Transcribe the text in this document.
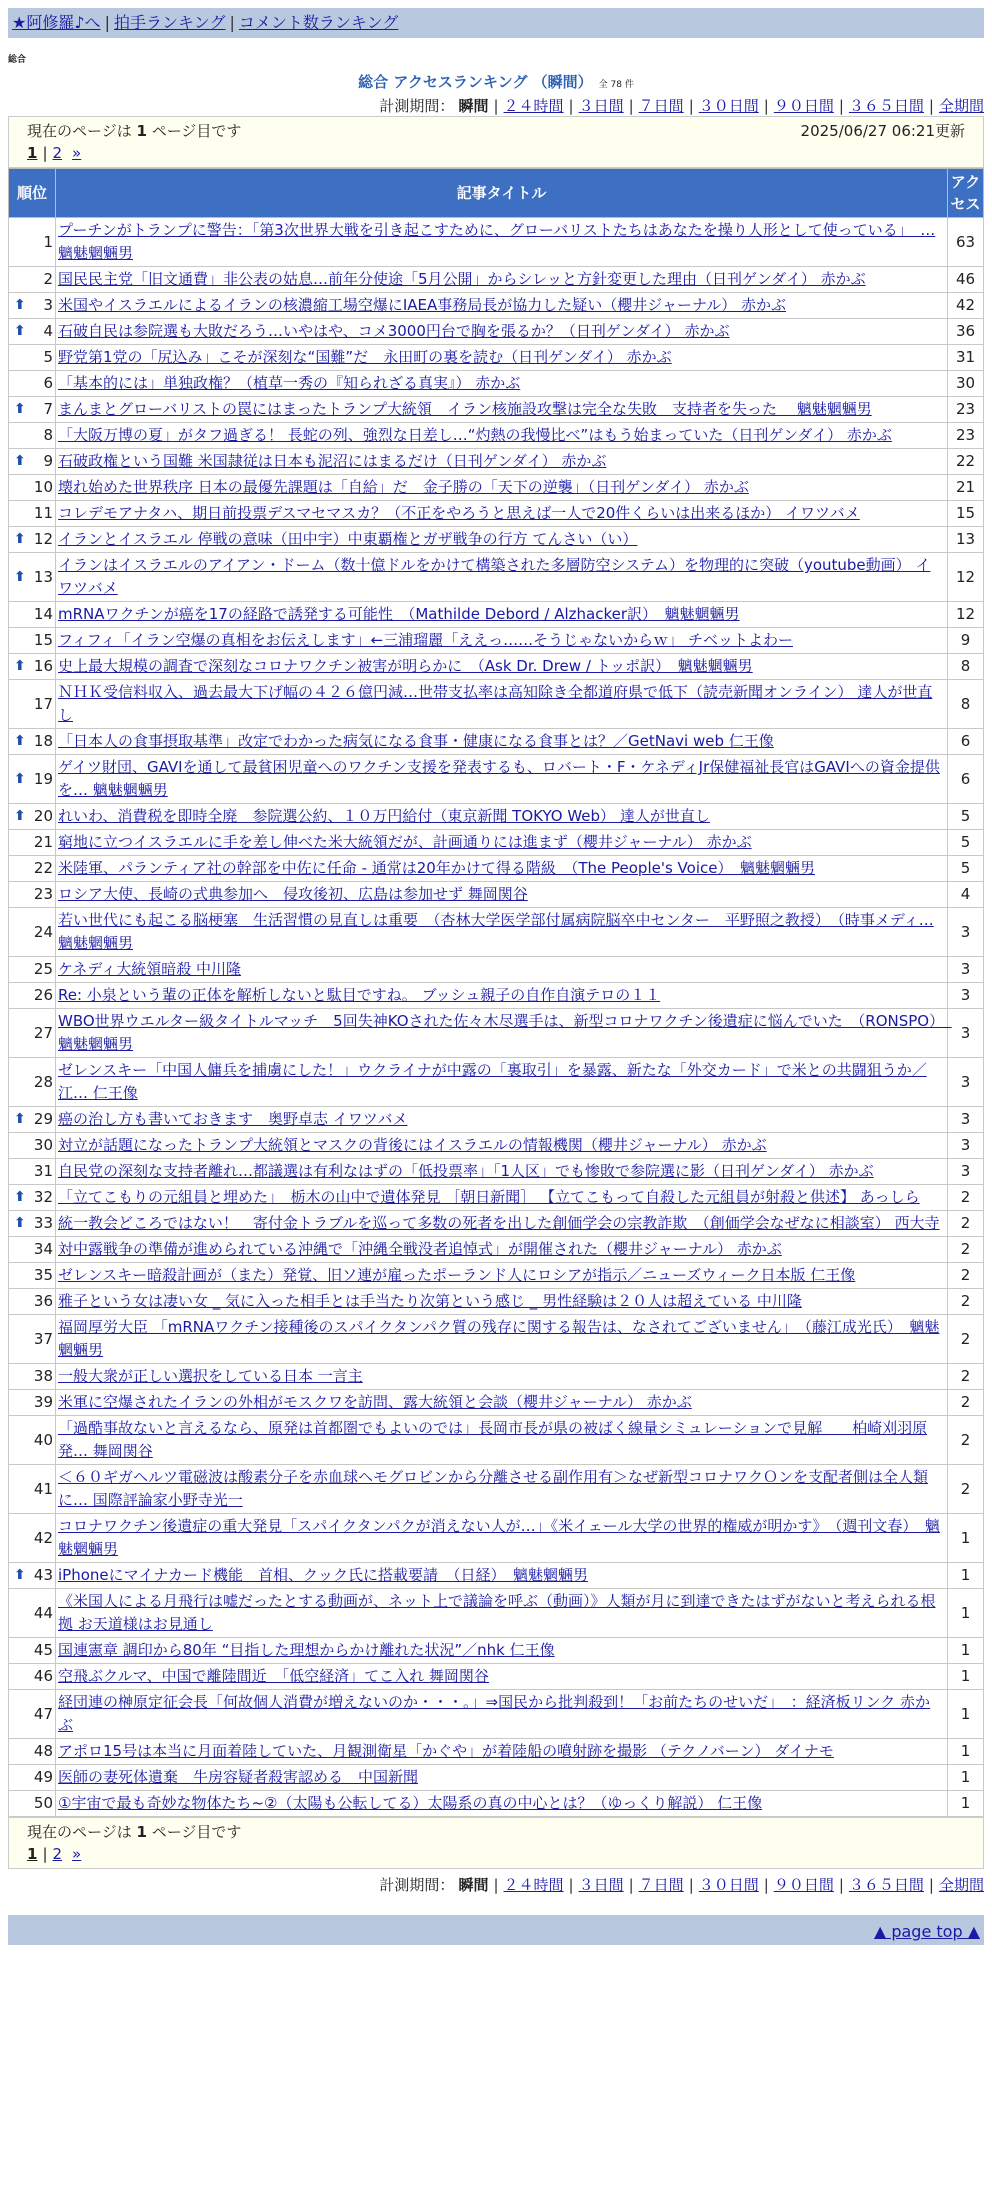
★阿修羅♪へ | 拍手ランキング | コメント数ランキング
総合
総合 アクセスランキング （瞬間） 全 78 件
計測期間： 瞬間 | ２４時間 | ３日間 | ７日間 | ３０日間 | ９０日間 | ３６５日間 | 全期間
現在のページは 1 ページ目です	2025/06/27 06:21更新
1 | 2 »
順位	記事タイトル	アクセス
1	プーチンがトランプに警告：「第3次世界大戦を引き起こすために、グローバリストたちはあなたを操り人形として使っている」　… 魑魅魍魎男	63
2	国民民主党「旧文通費」非公表の姑息…前年分使途「5月公開」からシレッと方針変更した理由（日刊ゲンダイ） 赤かぶ	46

⬆ 3	米国やイスラエルによるイランの核濃縮工場空爆にIAEA事務局長が協力した疑い（櫻井ジャーナル） 赤かぶ	42

⬆ 4	石破自民は参院選も大敗だろう…いやはや、コメ3000円台で胸を張るか？（日刊ゲンダイ） 赤かぶ	36
5	野党第1党の「尻込み」こそが深刻な“国難”だ　永田町の裏を読む（日刊ゲンダイ） 赤かぶ	31
6	「基本的には」単独政権？（植草一秀の『知られざる真実』） 赤かぶ	30

⬆ 7	まんまとグローバリストの罠にはまったトランプ大統領　イラン核施設攻撃は完全な失敗　支持者を失った　 魑魅魍魎男	23
8	「大阪万博の夏」がタフ過ぎる！ 長蛇の列、強烈な日差し…“灼熱の我慢比べ”はもう始まっていた（日刊ゲンダイ） 赤かぶ	23

⬆ 9	石破政権という国難 米国隷従は日本も泥沼にはまるだけ（日刊ゲンダイ） 赤かぶ	22
10	壊れ始めた世界秩序 日本の最優先課題は「自給」だ　金子勝の「天下の逆襲」（日刊ゲンダイ） 赤かぶ	21
11	コレデモアナタハ、期日前投票デスマセマスカ？（不正をやろうと思えば一人で20件くらいは出来るほか） イワツバメ	15

⬆ 12	イランとイスラエル 停戦の意味（田中宇）中東覇権とガザ戦争の行方 てんさい（い）	13

⬆ 13	イランはイスラエルのアイアン・ドーム（数十億ドルをかけて構築された多層防空システム）を物理的に突破（youtube動画） イワツバメ	12
14	mRNAワクチンが癌を17の経路で誘発する可能性　（Mathilde Debord / Alzhacker訳）　魑魅魍魎男	12
15	フィフィ「イラン空爆の真相をお伝えします」←三浦瑠麗「ええっ……そうじゃないからｗ」 チベットよわー	9

⬆ 16	史上最大規模の調査で深刻なコロナワクチン被害が明らかに　（Ask Dr. Drew / トッポ訳）　魑魅魍魎男	8
17	ＮＨＫ受信料収入、過去最大下げ幅の４２６億円減…世帯支払率は高知除き全都道府県で低下（読売新聞オンライン） 達人が世直し	8

⬆ 18	「日本人の食事摂取基準」改定でわかった病気になる食事・健康になる食事とは？／GetNavi web 仁王像	6

⬆ 19	ゲイツ財団、GAVIを通して最貧困児童へのワクチン支援を発表するも、ロバート・F・ケネディJr保健福祉長官はGAVIへの資金提供を… 魑魅魍魎男	6

⬆ 20	れいわ、消費税を即時全廃　参院選公約、１０万円給付（東京新聞 TOKYO Web） 達人が世直し	5
21	窮地に立つイスラエルに手を差し伸べた米大統領だが、計画通りには進まず（櫻井ジャーナル） 赤かぶ	5
22	米陸軍、パランティア社の幹部を中佐に任命 - 通常は20年かけて得る階級　（The People's Voice）　魑魅魍魎男	5
23	ロシア大使、長崎の式典参加へ　侵攻後初、広島は参加せず 舞岡関谷	4
24	若い世代にも起こる脳梗塞　生活習慣の見直しは重要　（杏林大学医学部付属病院脳卒中センター　平野照之教授）　（時事メディ… 魑魅魍魎男	3
25	ケネディ大統領暗殺 中川隆	3
26	Re: 小泉という輩の正体を解析しないと駄目ですね。 ブッシュ親子の自作自演テロの１１	3
27	WBO世界ウエルター級タイトルマッチ　5回失神KOされた佐々木尽選手は、新型コロナワクチン後遺症に悩んでいた　（RONSPO）　魑魅魍魎男	3
28	ゼレンスキー「中国人傭兵を捕虜にした！」ウクライナが中露の「裏取引」を暴露、新たな「外交カード」で米との共闘狙うか／江… 仁王像	3

⬆ 29	癌の治し方も書いておきます　奥野卓志 イワツバメ	3
30	対立が話題になったトランプ大統領とマスクの背後にはイスラエルの情報機関（櫻井ジャーナル） 赤かぶ	3
31	自民党の深刻な支持者離れ…都議選は有利なはずの「低投票率」「1人区」でも惨敗で参院選に影（日刊ゲンダイ） 赤かぶ	3

⬆ 32	「立てこもりの元組員と埋めた」　栃木の山中で遺体発見 ［朝日新聞］ 【立てこもって自殺した元組員が射殺と供述】 あっしら	2

⬆ 33	統一教会どころではない！　寄付金トラブルを巡って多数の死者を出した創価学会の宗教詐欺　（創価学会なぜなに相談室） 西大寺	2
34	対中露戦争の準備が進められている沖縄で「沖縄全戦没者追悼式」が開催された（櫻井ジャーナル） 赤かぶ	2
35	ゼレンスキー暗殺計画が（また）発覚、旧ソ連が雇ったポーランド人にロシアが指示／ニューズウィーク日本版 仁王像	2
36	雅子という女は凄い女 _ 気に入った相手とは手当たり次第という感じ _ 男性経験は２０人は超えている 中川隆	2
37	福岡厚労大臣 「mRNAワクチン接種後のスパイクタンパク質の残存に関する報告は、なされてございません」　（藤江成光氏）　魑魅魍魎男	2
38	一般大衆が正しい選択をしている日本 一言主	2
39	米軍に空爆されたイランの外相がモスクワを訪問、露大統領と会談（櫻井ジャーナル） 赤かぶ	2
40	「過酷事故ないと言えるなら、原発は首都圏でもよいのでは」長岡市長が県の被ばく線量シミュレーションで見解　　柏崎刈羽原発… 舞岡関谷	2
41	＜６０ギガヘルツ電磁波は酸素分子を赤血球ヘモグロビンから分離させる副作用有＞なぜ新型コロナワクＯンを支配者側は全人類に… 国際評論家小野寺光一	2
42	コロナワクチン後遺症の重大発見「スパイクタンパクが消えない人が…」《米イェール大学の世界的権威が明かす》　（週刊文春）　魑魅魍魎男	1

⬆ 43	iPhoneにマイナカード機能　首相、クック氏に搭載要請　（日経）　魑魅魍魎男	1
44	《米国人による月飛行は嘘だったとする動画が、ネット上で議論を呼ぶ（動画）》人類が月に到達できたはずがないと考えられる根拠 お天道様はお見通し	1
45	国連憲章 調印から80年 “目指した理想からかけ離れた状況”／nhk 仁王像	1
46	空飛ぶクルマ、中国で離陸間近　「低空経済」てこ入れ 舞岡関谷	1
47	経団連の榊原定征会長「何故個人消費が増えないのか・・・。」⇒国民から批判殺到！「お前たちのせいだ」　：経済板リンク 赤かぶ	1
48	アポロ15号は本当に月面着陸していた、月観測衛星「かぐや」が着陸船の噴射跡を撮影 （テクノバーン） ダイナモ	1
49	医師の妻死体遺棄　牛房容疑者殺害認める　中国新聞	1
50	①宇宙で最も奇妙な物体たち~②（太陽も公転してる）太陽系の真の中心とは？（ゆっくり解説） 仁王像	1
現在のページは 1 ページ目です
1 | 2 »
計測期間： 瞬間 | ２４時間 | ３日間 | ７日間 | ３０日間 | ９０日間 | ３６５日間 | 全期間
▲ page top ▲
